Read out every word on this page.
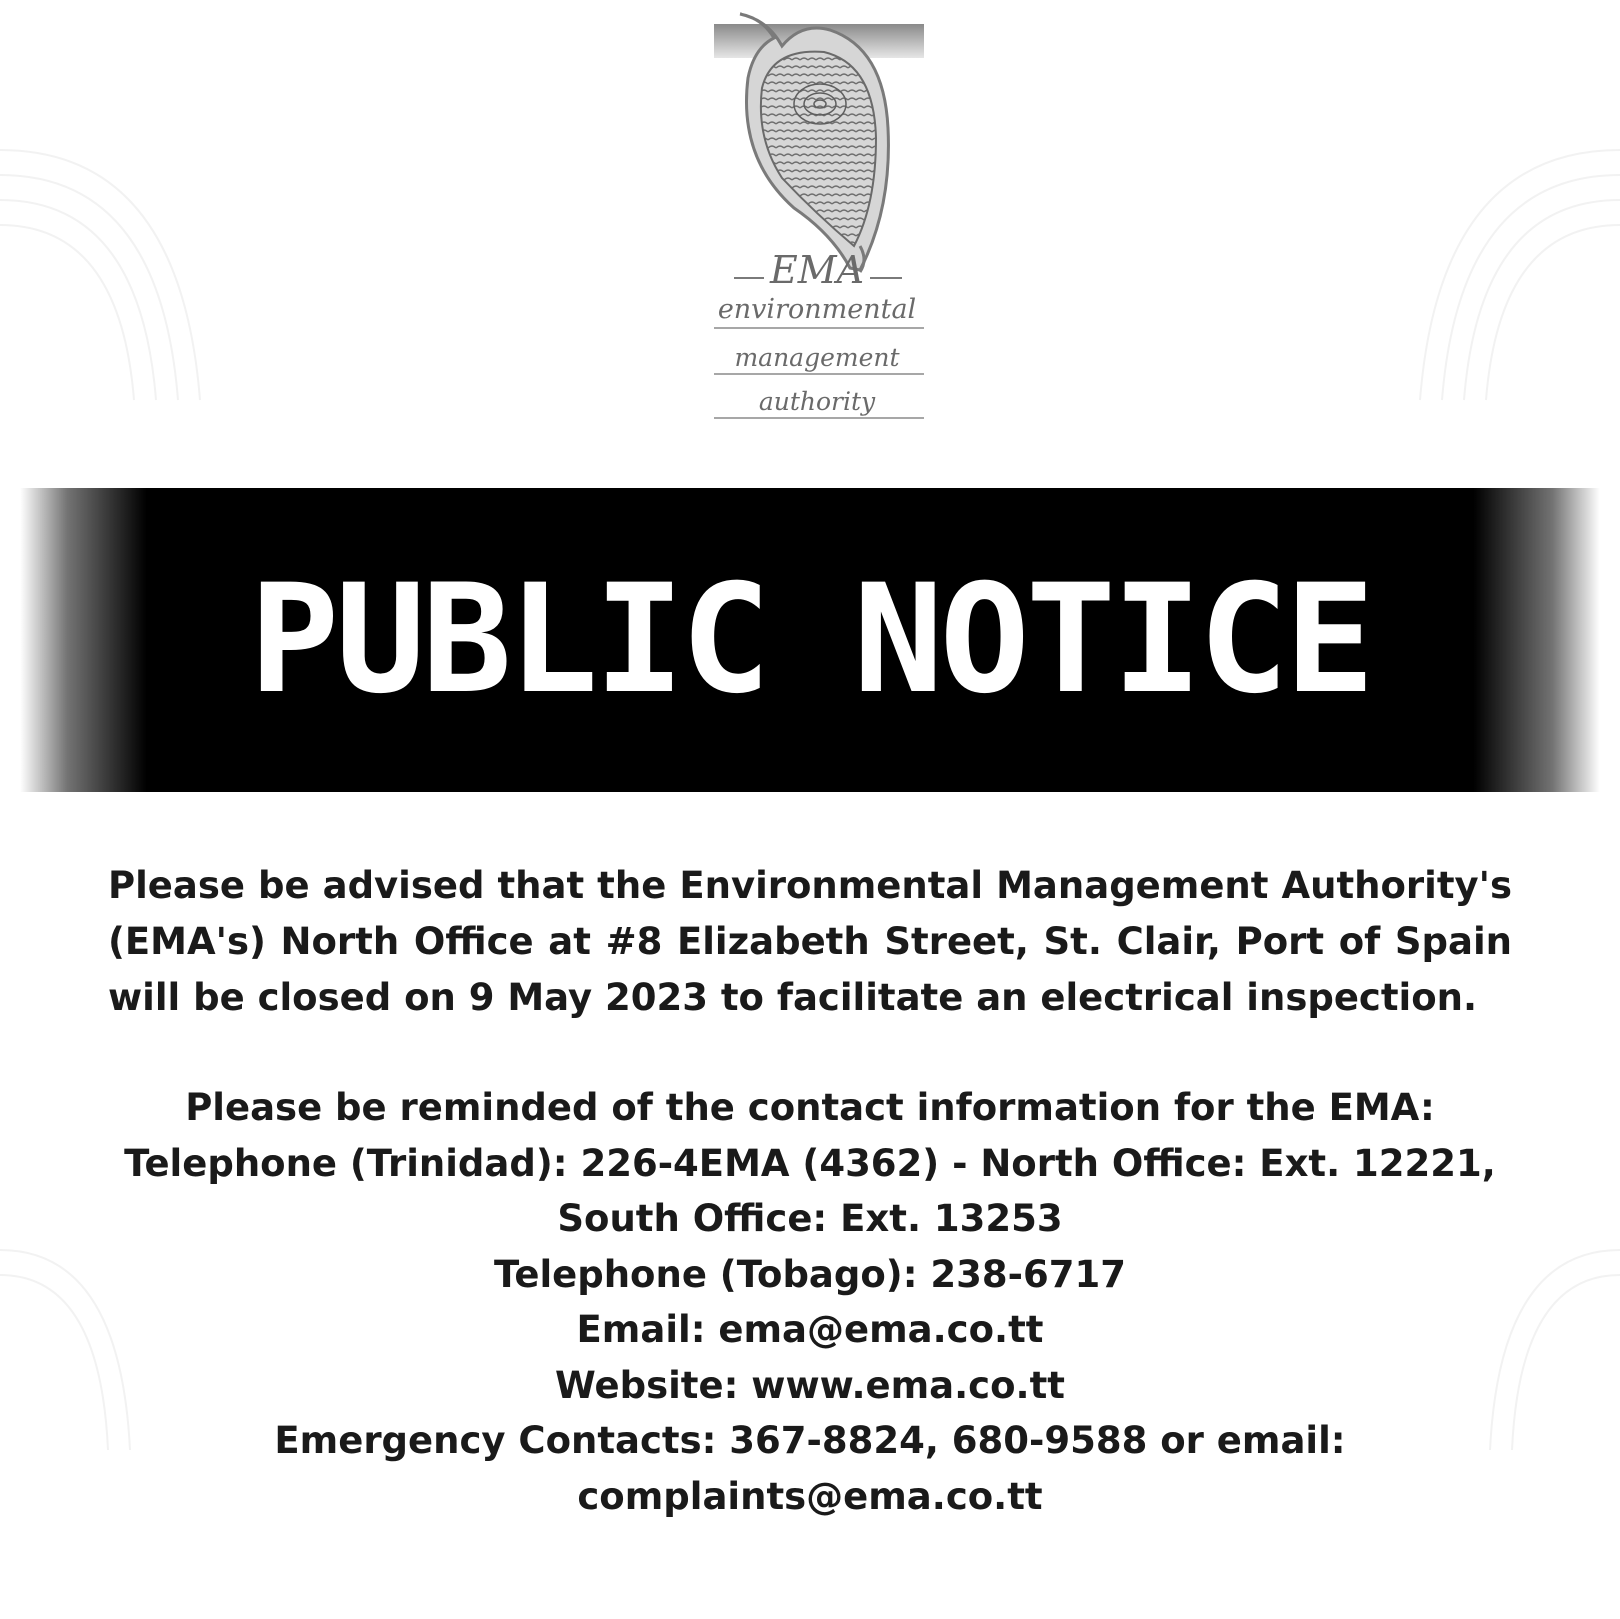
EMA
environmental
management
authority
PUBLIC NOTICE

Please be advised that the Environmental Management Authority's (EMA's) North Office at #8 Elizabeth Street, St. Clair, Port of Spain will be closed on 9 May 2023 to facilitate an electrical inspection.

Please be reminded of the contact information for the EMA:
Telephone (Trinidad): 226-4EMA (4362) - North Office: Ext. 12221,
South Office: Ext. 13253
Telephone (Tobago): 238-6717
Email: ema@ema.co.tt
Website: www.ema.co.tt
Emergency Contacts: 367-8824, 680-9588 or email:
complaints@ema.co.tt
